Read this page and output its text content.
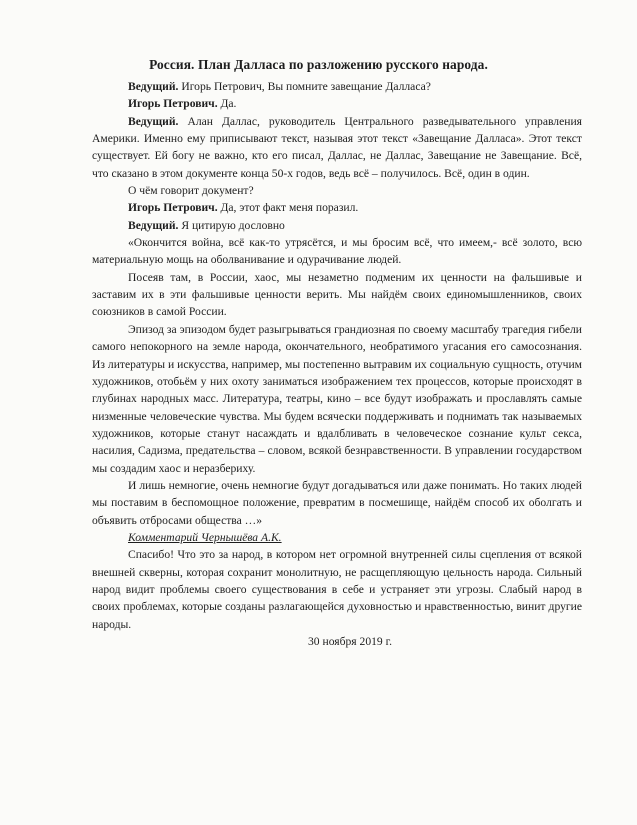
Россия. План Далласа по разложению русского народа.

Ведущий. Игорь Петрович, Вы помните завещание Далласа?

Игорь Петрович. Да.

Ведущий. Алан Даллас, руководитель Центрального разведывательного управления Америки. Именно ему приписывают текст, называя этот текст «Завещание Далласа». Этот текст существует. Ей богу не важно, кто его писал, Даллас, не Даллас, Завещание не Завещание. Всё, что сказано в этом документе конца 50-х годов, ведь всё – получилось. Всё, один в один.

О чём говорит документ?

Игорь Петрович. Да, этот факт меня поразил.

Ведущий. Я цитирую дословно

«Окончится война, всё как-то утрясётся, и мы бросим всё, что имеем,- всё золото, всю материальную мощь на оболванивание и одурачивание людей.

Посеяв там, в России, хаос, мы незаметно подменим их ценности на фальшивые и заставим их в эти фальшивые ценности верить. Мы найдём своих единомышленников, своих союзников в самой России.

Эпизод за эпизодом будет разыгрываться грандиозная по своему масштабу трагедия гибели самого непокорного на земле народа, окончательного, необратимого угасания его самосознания. Из литературы и искусства, например, мы постепенно вытравим их социальную сущность, отучим художников, отобьём у них охоту заниматься изображением тех процессов, которые происходят в глубинах народных масс. Литература, театры, кино – все будут изображать и прославлять самые низменные человеческие чувства. Мы будем всячески поддерживать и поднимать так называемых художников, которые станут насаждать и вдалбливать в человеческое сознание культ секса, насилия, Садизма, предательства – словом, всякой безнравственности. В управлении государством мы создадим хаос и неразбериху.

И лишь немногие, очень немногие будут догадываться или даже понимать. Но таких людей мы поставим в беспомощное положение, превратим в посмешище, найдём способ их оболгать и объявить отбросами общества …»

Комментарий Чернышёва А.К.

Спасибо! Что это за народ, в котором нет огромной внутренней силы сцепления от всякой внешней скверны, которая сохранит монолитную, не расщепляющую цельность народа. Сильный народ видит проблемы своего существования в себе и устраняет эти угрозы. Слабый народ в своих проблемах, которые созданы разлагающейся духовностью и нравственностью, винит другие народы.

30 ноября 2019 г.
